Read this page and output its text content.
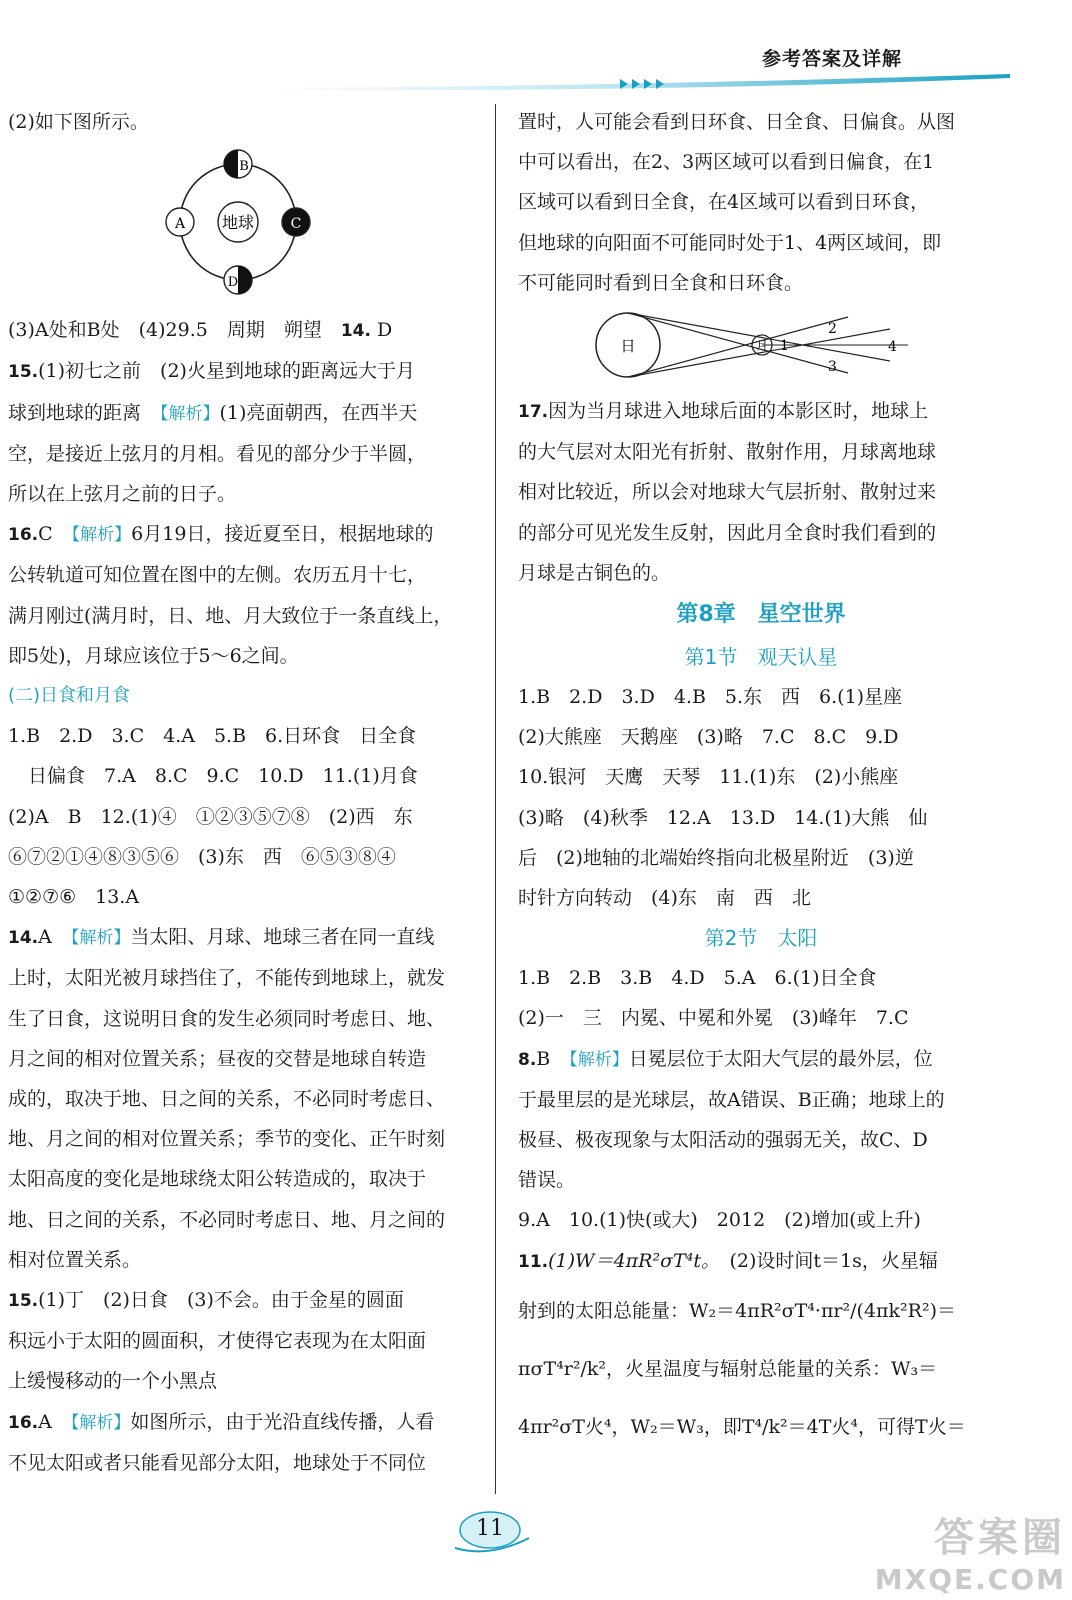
参考答案及详解

(2)如下图所示。

地球
A
B
C
D

(3)A处和B处　(4)29.5　周期　朔望　 14. D

15.(1)初七之前　(2)火星到地球的距离远大于月

球到地球的距离　【解析】(1)亮面朝西，在西半天

空，是接近上弦月的月相。看见的部分少于半圆，

所以在上弦月之前的日子。

16.C　【解析】6月19日，接近夏至日，根据地球的

公转轨道可知位置在图中的左侧。农历五月十七，

满月刚过(满月时，日、地、月大致位于一条直线上，

即5处)，月球应该位于5～6之间。

(二)日食和月食

1.B　2.D　3.C　4.A　5.B　6.日环食　日全食

日偏食　7.A　8.C　9.C　10.D　11.(1)月食

(2)A　B　12.(1)④　①②③⑤⑦⑧　(2)西　东

⑥⑦②①④⑧③⑤⑥　(3)东　西　⑥⑤③⑧④

①②⑦⑥　13.A

14.A　【解析】当太阳、月球、地球三者在同一直线

上时，太阳光被月球挡住了，不能传到地球上，就发

生了日食，这说明日食的发生必须同时考虑日、地、

月之间的相对位置关系；昼夜的交替是地球自转造

成的，取决于地、日之间的关系，不必同时考虑日、

地、月之间的相对位置关系；季节的变化、正午时刻

太阳高度的变化是地球绕太阳公转造成的，取决于

地、日之间的关系，不必同时考虑日、地、月之间的

相对位置关系。

15.(1)丁　(2)日食　(3)不会。由于金星的圆面

积远小于太阳的圆面积，才使得它表现为在太阳面

上缓慢移动的一个小黑点

16.A　【解析】如图所示，由于光沿直线传播，人看

不见太阳或者只能看见部分太阳，地球处于不同位

置时，人可能会看到日环食、日全食、日偏食。从图

中可以看出，在2、3两区域可以看到日偏食，在1

区域可以看到日全食，在4区域可以看到日环食，

但地球的向阳面不可能同时处于1、4两区域间，即

不可能同时看到日全食和日环食。

日	月 1
2
3
4

17.因为当月球进入地球后面的本影区时，地球上

的大气层对太阳光有折射、散射作用，月球离地球

相对比较近，所以会对地球大气层折射、散射过来

的部分可见光发生反射，因此月全食时我们看到的

月球是古铜色的。

第8章　星空世界

第1节　观天认星

1.B　2.D　3.D　4.B　5.东　西　6.(1)星座

(2)大熊座　天鹅座　(3)略　7.C　8.C　9.D

10.银河　天鹰　天琴　11.(1)东　(2)小熊座

(3)略　(4)秋季　12.A　13.D　14.(1)大熊　仙

后　(2)地轴的北端始终指向北极星附近　(3)逆

时针方向转动　(4)东　南　西　北

第2节　太阳

1.B　2.B　3.B　4.D　5.A　6.(1)日全食

(2)一　三　内冕、中冕和外冕　(3)峰年　7.C

8.B　【解析】日冕层位于太阳大气层的最外层，位

于最里层的是光球层，故A错误、B正确；地球上的

极昼、极夜现象与太阳活动的强弱无关，故C、D

错误。

9.A　10.(1)快(或大)　2012　(2)增加(或上升)

11.(1)W＝4πR²σT⁴t。　(2)设时间t＝1s，火星辐

射到的太阳总能量：W₂＝4πR²σT⁴·πr²/(4πk²R²)＝

πσT⁴r²/k²，火星温度与辐射总能量的关系：W₃＝

4πr²σT火⁴，W₂＝W₃，即T⁴/k²＝4T火⁴，可得T火＝

11	答案圈
MXQE.COM
